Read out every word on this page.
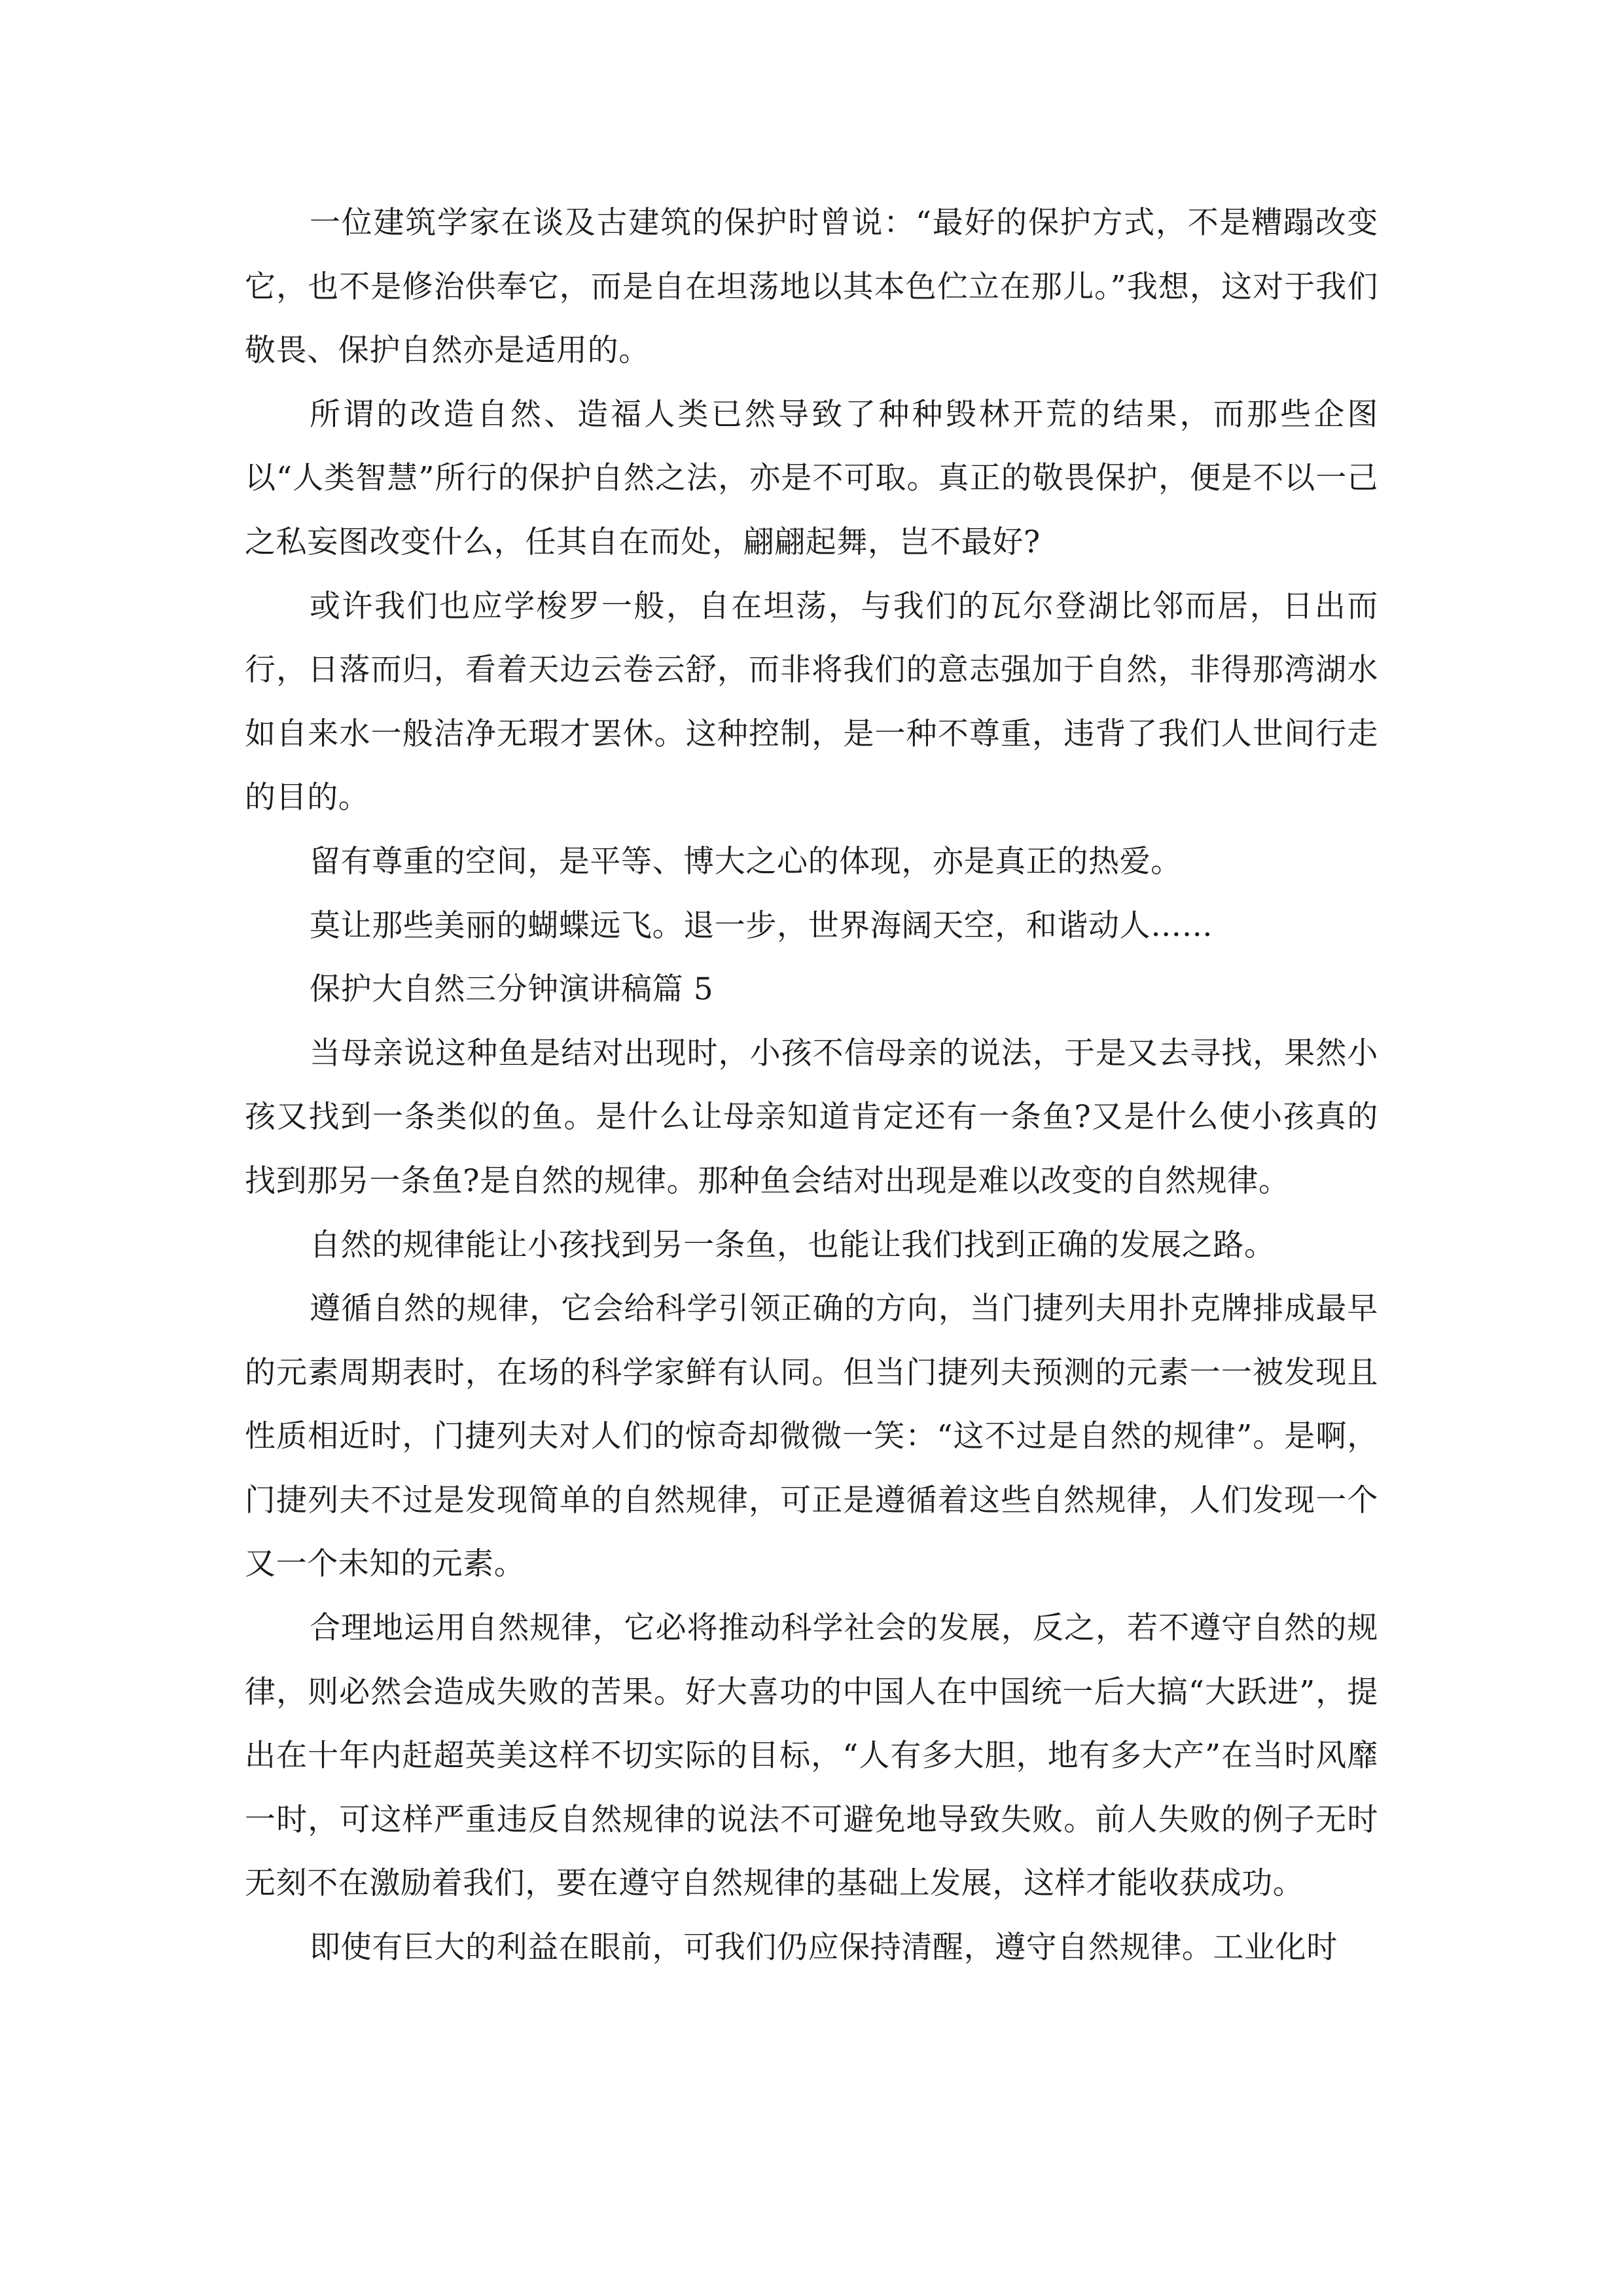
一位建筑学家在谈及古建筑的保护时曾说：“最好的保护方式，不是糟蹋改变它，也不是修治供奉它，而是自在坦荡地以其本色伫立在那儿。”我想，这对于我们敬畏、保护自然亦是适用的。

所谓的改造自然、造福人类已然导致了种种毁林开荒的结果，而那些企图以“人类智慧”所行的保护自然之法，亦是不可取。真正的敬畏保护，便是不以一己之私妄图改变什么，任其自在而处，翩翩起舞，岂不最好?

或许我们也应学梭罗一般，自在坦荡，与我们的瓦尔登湖比邻而居，日出而行，日落而归，看着天边云卷云舒，而非将我们的意志强加于自然，非得那湾湖水如自来水一般洁净无瑕才罢休。这种控制，是一种不尊重，违背了我们人世间行走的目的。

留有尊重的空间，是平等、博大之心的体现，亦是真正的热爱。

莫让那些美丽的蝴蝶远飞。退一步，世界海阔天空，和谐动人……

保护大自然三分钟演讲稿篇 5

当母亲说这种鱼是结对出现时，小孩不信母亲的说法，于是又去寻找，果然小孩又找到一条类似的鱼。是什么让母亲知道肯定还有一条鱼?又是什么使小孩真的 找到那另一条鱼?是自然的规律。那种鱼会结对出现是难以改变的自然规律。

自然的规律能让小孩找到另一条鱼，也能让我们找到正确的发展之路。

遵循自然的规律，它会给科学引领正确的方向，当门捷列夫用扑克牌排成最早的元素周期表时，在场的科学家鲜有认同。但当门捷列夫预测的元素一一被发现且性质相近时，门捷列夫对人们的惊奇却微微一笑：“这不过是自然的规律”。是啊，门捷列夫不过是发现简单的自然规律，可正是遵循着这些自然规律，人们发现一个又一个未知的元素。

合理地运用自然规律，它必将推动科学社会的发展，反之，若不遵守自然的规律，则必然会造成失败的苦果。好大喜功的中国人在中国统一后大搞“大跃进”，提出在十年内赶超英美这样不切实际的目标，“人有多大胆，地有多大产”在当时风靡一时，可这样严重违反自然规律的说法不可避免地导致失败。前人失败的例子无时无刻不在激励着我们，要在遵守自然规律的基础上发展，这样才能收获成功。

即使有巨大的利益在眼前，可我们仍应保持清醒，遵守自然规律。工业化时
